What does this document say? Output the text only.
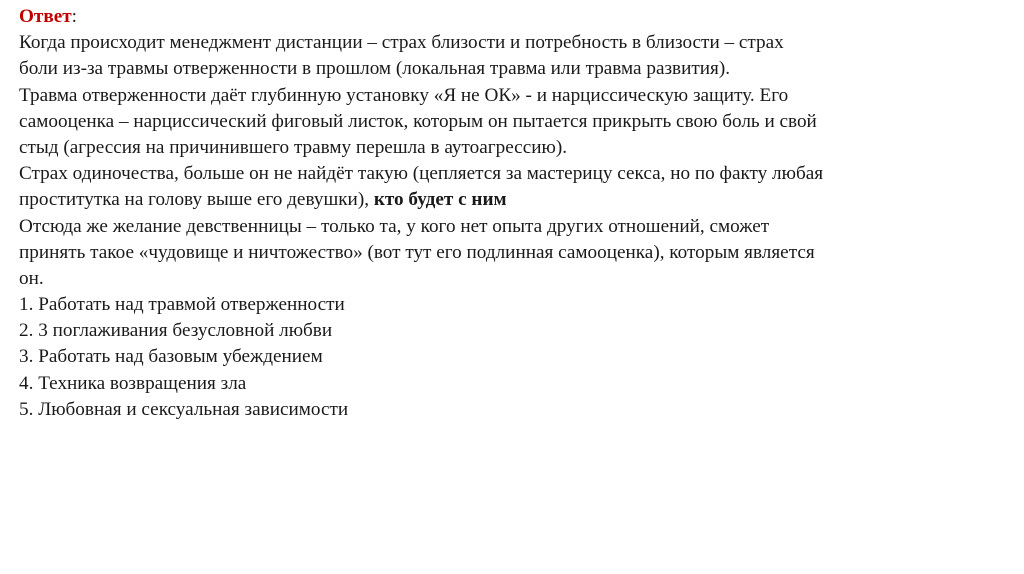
Ответ:
Когда происходит менеджмент дистанции – страх близости и потребность в близости – страх
боли из-за травмы отверженности в прошлом (локальная травма или травма развития).
Травма отверженности даёт глубинную установку «Я не ОК» - и нарциссическую защиту. Его
самооценка – нарциссический фиговый листок, которым он пытается прикрыть свою боль и свой
стыд (агрессия на причинившего травму перешла в аутоагрессию).
Страх одиночества, больше он не найдёт такую (цепляется за мастерицу секса, но по факту любая
проститутка на голову выше его девушки), кто будет с ним
Отсюда же желание девственницы – только та, у кого нет опыта других отношений, сможет
принять такое «чудовище и ничтожество» (вот тут его подлинная самооценка), которым является
он.
1. Работать над травмой отверженности
2. 3 поглаживания безусловной любви
3. Работать над базовым убеждением
4. Техника возвращения зла
5. Любовная и сексуальная зависимости
